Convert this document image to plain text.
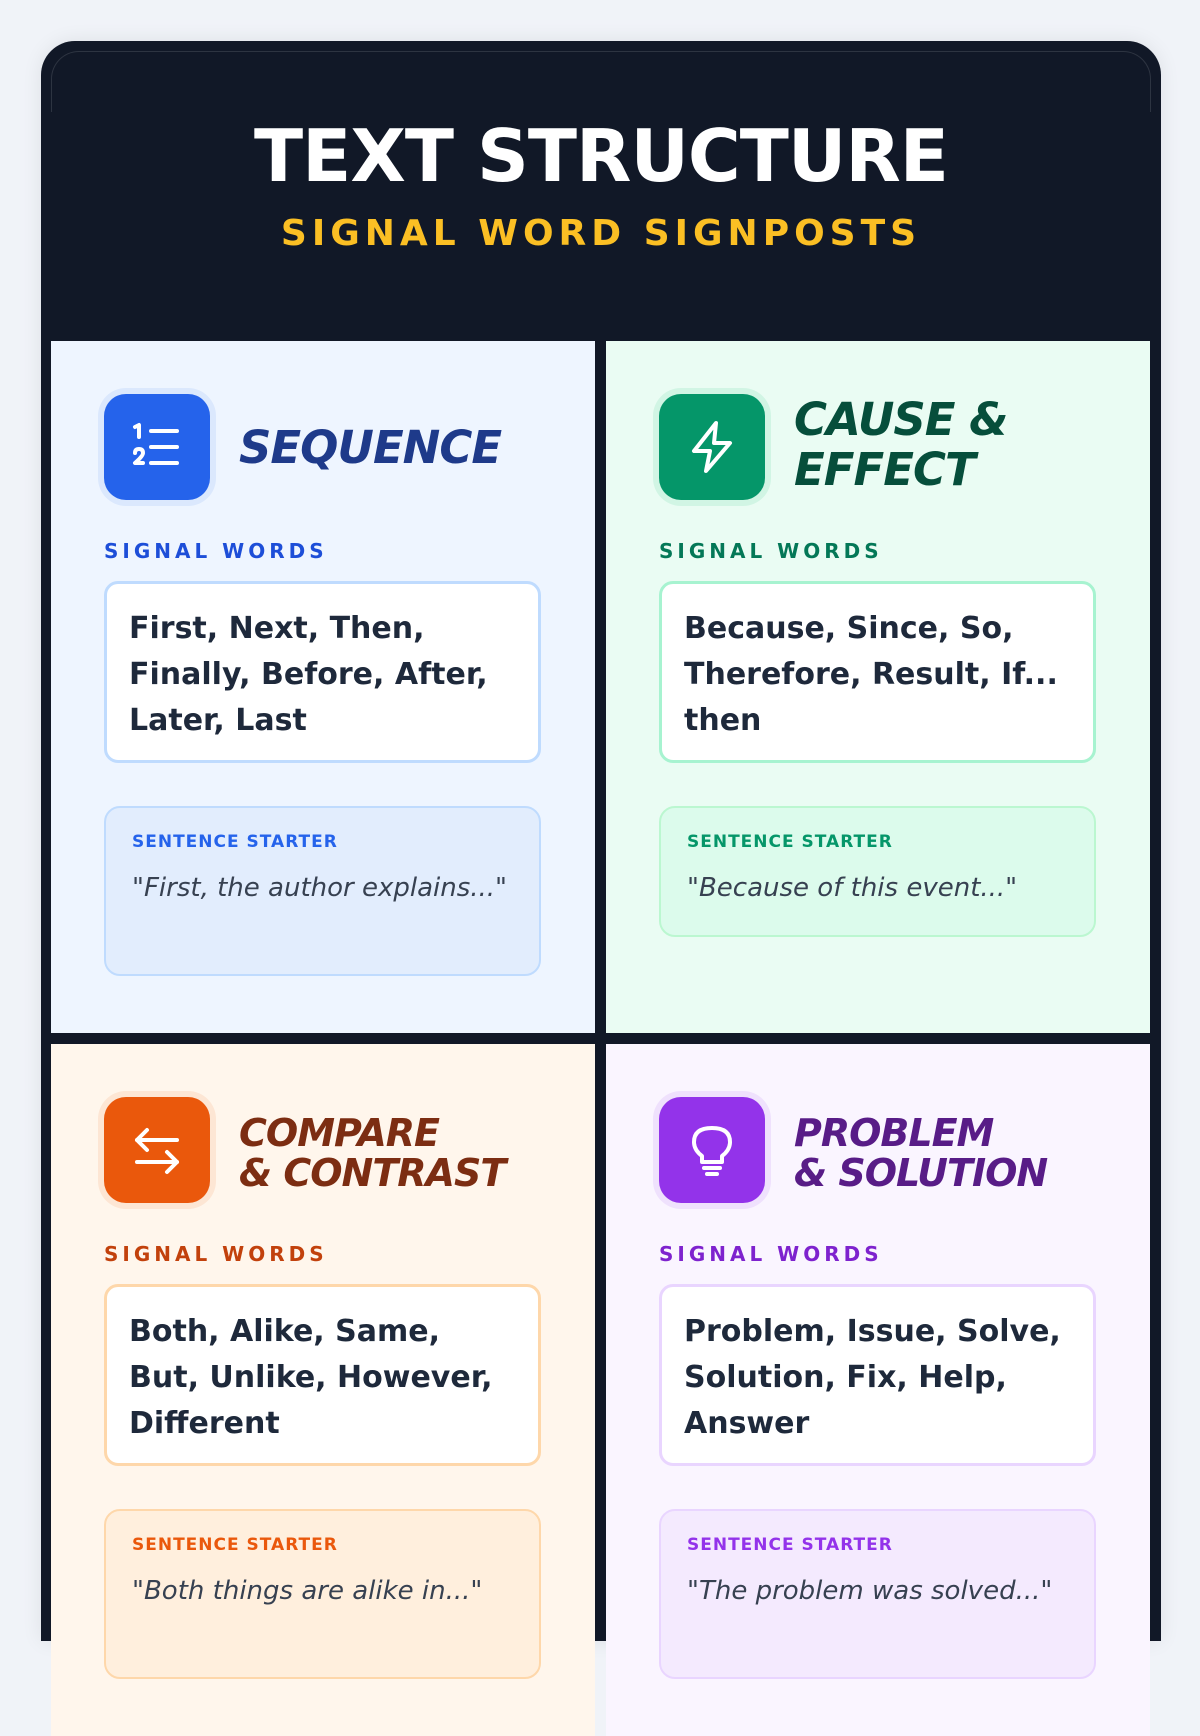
TEXT STRUCTURE
SIGNAL WORD SIGNPOSTS
SEQUENCE
SIGNAL WORDS
First, Next, Then, Finally, Before, After, Later, Last
SENTENCE STARTER
"First, the author explains..."
CAUSE &
EFFECT
SIGNAL WORDS
Because, Since, So, Therefore, Result, If... then
SENTENCE STARTER
"Because of this event..."
COMPARE
& CONTRAST
SIGNAL WORDS
Both, Alike, Same, But, Unlike, However, Different
SENTENCE STARTER
"Both things are alike in..."
PROBLEM
& SOLUTION
SIGNAL WORDS
Problem, Issue, Solve, Solution, Fix, Help, Answer
SENTENCE STARTER
"The problem was solved..."
